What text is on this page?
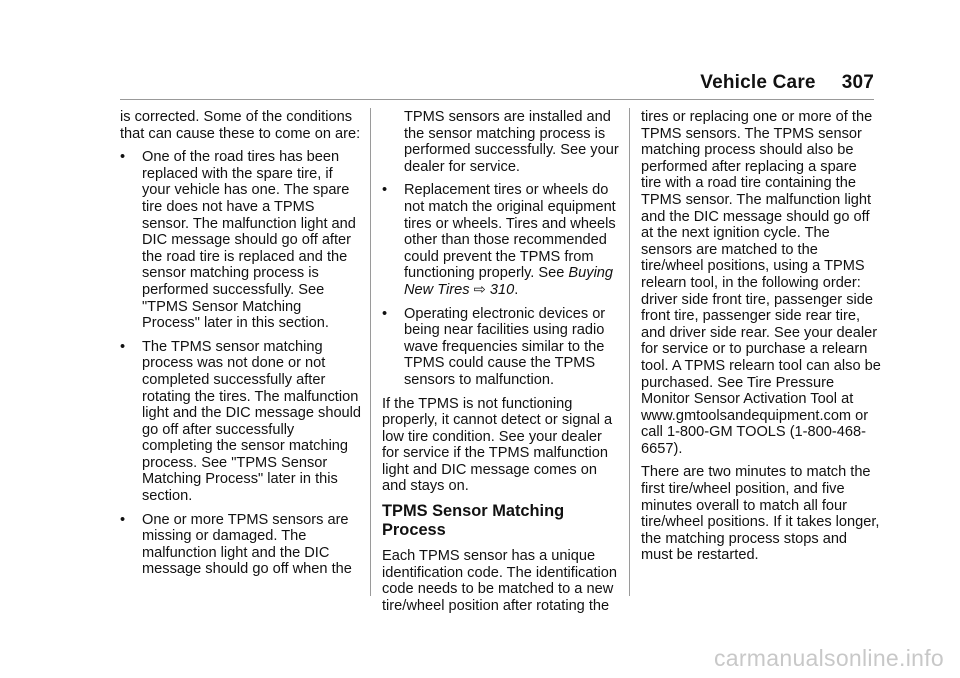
Vehicle Care 307

is corrected. Some of the conditions that can cause these to come on are:

• One of the road tires has been replaced with the spare tire, if your vehicle has one. The spare tire does not have a TPMS sensor. The malfunction light and DIC message should go off after the road tire is replaced and the sensor matching process is performed successfully. See "TPMS Sensor Matching Process" later in this section.
• The TPMS sensor matching process was not done or not completed successfully after rotating the tires. The malfunction light and the DIC message should go off after successfully completing the sensor matching process. See "TPMS Sensor Matching Process" later in this section.
• One or more TPMS sensors are missing or damaged. The malfunction light and the DIC message should go off when the
TPMS sensors are installed and the sensor matching process is performed successfully. See your dealer for service.
• Replacement tires or wheels do not match the original equipment tires or wheels. Tires and wheels other than those recommended could prevent the TPMS from functioning properly. See Buying New Tires ⇨ 310.
• Operating electronic devices or being near facilities using radio wave frequencies similar to the TPMS could cause the TPMS sensors to malfunction.

If the TPMS is not functioning properly, it cannot detect or signal a low tire condition. See your dealer for service if the TPMS malfunction light and DIC message comes on and stays on.

TPMS Sensor Matching Process

Each TPMS sensor has a unique identification code. The identification code needs to be matched to a new tire/wheel position after rotating the

tires or replacing one or more of the TPMS sensors. The TPMS sensor matching process should also be performed after replacing a spare tire with a road tire containing the TPMS sensor. The malfunction light and the DIC message should go off at the next ignition cycle. The sensors are matched to the tire/wheel positions, using a TPMS relearn tool, in the following order: driver side front tire, passenger side front tire, passenger side rear tire, and driver side rear. See your dealer for service or to purchase a relearn tool. A TPMS relearn tool can also be purchased. See Tire Pressure Monitor Sensor Activation Tool at www.gmtoolsandequipment.com or call 1-800-GM TOOLS (1-800-468-6657).

There are two minutes to match the first tire/wheel position, and five minutes overall to match all four tire/wheel positions. If it takes longer, the matching process stops and must be restarted.

carmanualsonline.info
